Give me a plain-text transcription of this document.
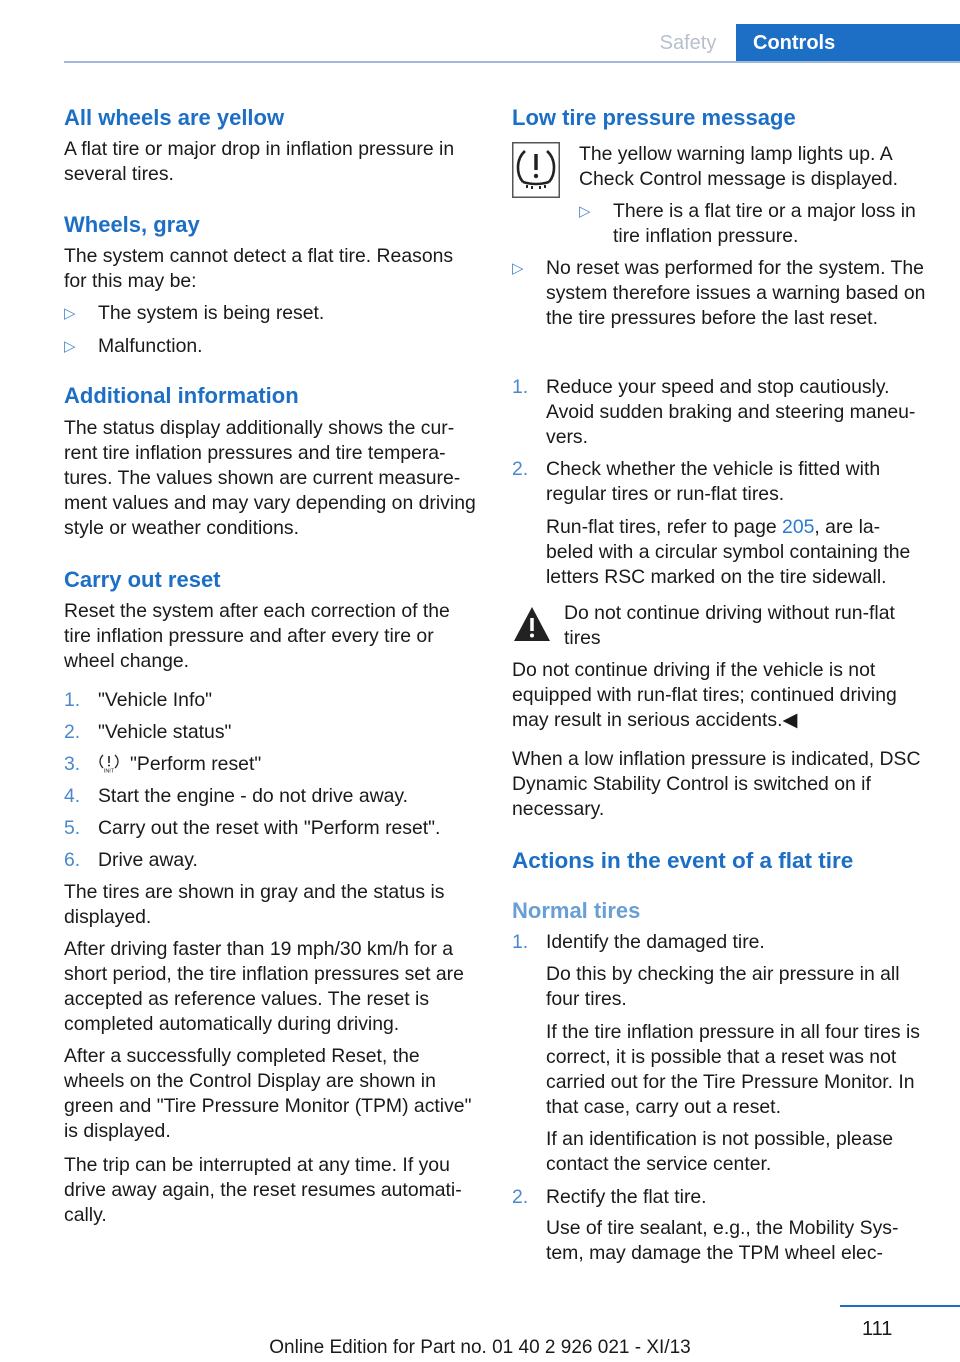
Safety	Controls
All wheels are yellow
A flat tire or major drop in inflation pressure in several tires.
Wheels, gray
The system cannot detect a flat tire. Reasons for this may be:
▷	The system is being reset.
▷	Malfunction.
Additional information
The status display additionally shows the cur‐ rent tire inflation pressures and tire tempera‐ tures. The values shown are current measure‐ ment values and may vary depending on driving style or weather conditions.
Carry out reset
Reset the system after each correction of the tire inflation pressure and after every tire or wheel change.
1. "Vehicle Info"
2. "Vehicle status"
3.	INIT "Perform reset"
4. Start the engine - do not drive away.
5. Carry out the reset with "Perform reset".
6. Drive away.
The tires are shown in gray and the status is displayed.
After driving faster than 19 mph/30 km/h for a short period, the tire inflation pressures set are accepted as reference values. The reset is completed automatically during driving.
After a successfully completed Reset, the wheels on the Control Display are shown in green and "Tire Pressure Monitor (TPM) active" is displayed.
The trip can be interrupted at any time. If you drive away again, the reset resumes automati‐ cally.
Low tire pressure message
The yellow warning lamp lights up. A Check Control message is displayed.
▷	There is a flat tire or a major loss in tire inflation pressure.
▷	No reset was performed for the system. The system therefore issues a warning based on the tire pressures before the last reset.
1. Reduce your speed and stop cautiously. Avoid sudden braking and steering maneu‐ vers.
2. Check whether the vehicle is fitted with regular tires or run-flat tires.
Run-flat tires, refer to page 205, are la‐ beled with a circular symbol containing the letters RSC marked on the tire sidewall.
Do not continue driving without run-flat tires
Do not continue driving if the vehicle is not equipped with run-flat tires; continued driving may result in serious accidents.◀
When a low inflation pressure is indicated, DSC Dynamic Stability Control is switched on if necessary.
Actions in the event of a flat tire
Normal tires
1. Identify the damaged tire.
Do this by checking the air pressure in all four tires.
If the tire inflation pressure in all four tires is correct, it is possible that a reset was not carried out for the Tire Pressure Monitor. In that case, carry out a reset.
If an identification is not possible, please contact the service center.
2. Rectify the flat tire.
Use of tire sealant, e.g., the Mobility Sys‐ tem, may damage the TPM wheel elec‐
111
Online Edition for Part no. 01 40 2 926 021 - XI/13
